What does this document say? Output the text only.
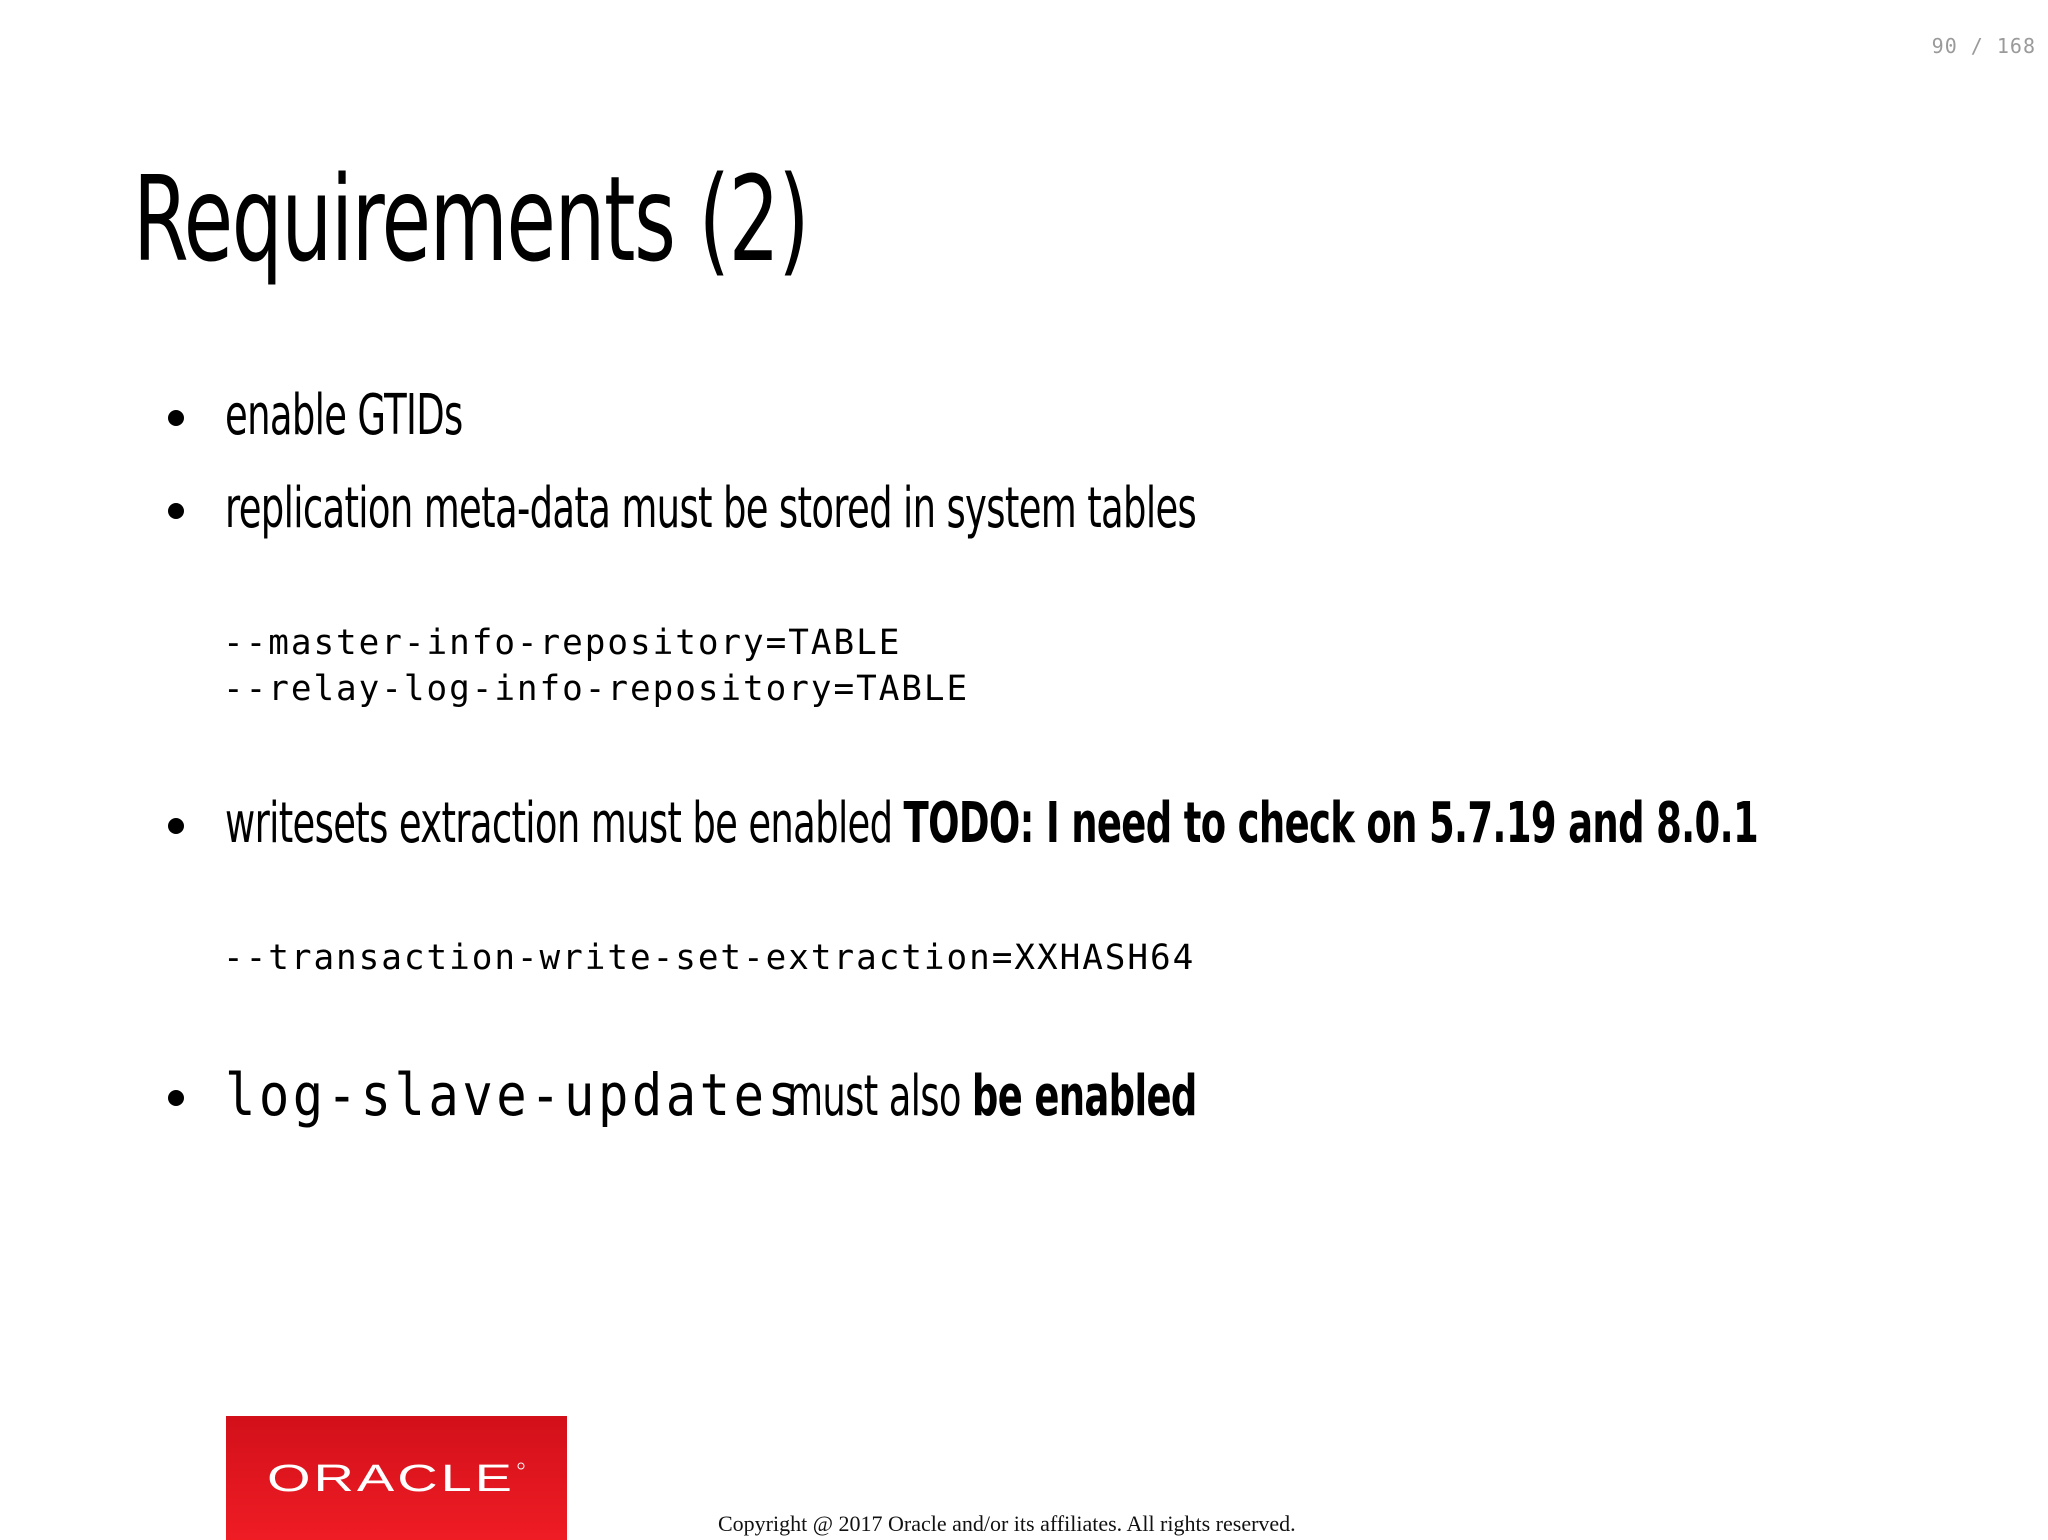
90 / 168
Requirements (2)
enable GTIDs
replication meta-data must be stored in system tables
--master-info-repository=TABLE
--relay-log-info-repository=TABLE
writesets extraction must be enabled TODO: I need to check on 5.7.19 and 8.0.1
--transaction-write-set-extraction=XXHASH64
log-slave-updatesmust also be enabled
ORACLE
Copyright @ 2017 Oracle and/or its affiliates. All rights reserved.
